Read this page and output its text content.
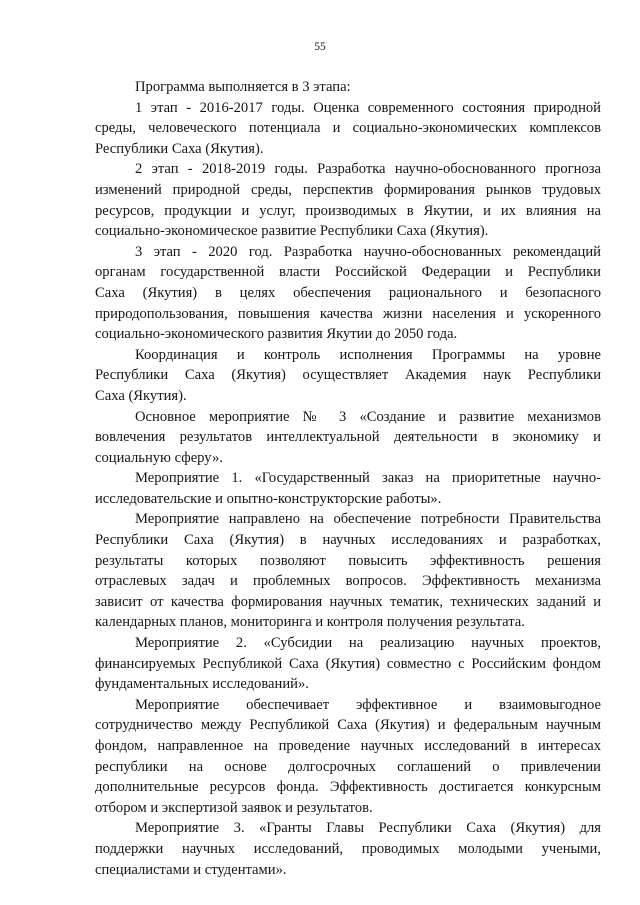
55
Программа выполняется в 3 этапа:
1 этап - 2016-2017 годы. Оценка современного состояния природной
среды, человеческого потенциала и социально-экономических комплексов
Республики Саха (Якутия).
2 этап - 2018-2019 годы. Разработка научно-обоснованного прогноза
изменений природной среды, перспектив формирования рынков трудовых
ресурсов, продукции и услуг, производимых в Якутии, и их влияния на
социально-экономическое развитие Республики Саха (Якутия).
3 этап - 2020 год. Разработка научно-обоснованных рекомендаций
органам государственной власти Российской Федерации и Республики
Саха (Якутия) в целях обеспечения рационального и безопасного
природопользования, повышения качества жизни населения и ускоренного
социально-экономического развития Якутии до 2050 года.
Координация и контроль исполнения Программы на уровне
Республики Саха (Якутия) осуществляет Академия наук Республики
Саха (Якутия).
Основное мероприятие № 3 «Создание и развитие механизмов
вовлечения результатов интеллектуальной деятельности в экономику и
социальную сферу».
Мероприятие 1. «Государственный заказ на приоритетные научно-
исследовательские и опытно-конструкторские работы».
Мероприятие направлено на обеспечение потребности Правительства
Республики Саха (Якутия) в научных исследованиях и разработках,
результаты которых позволяют повысить эффективность решения
отраслевых задач и проблемных вопросов. Эффективность механизма
зависит от качества формирования научных тематик, технических заданий и
календарных планов, мониторинга и контроля получения результата.
Мероприятие 2. «Субсидии на реализацию научных проектов,
финансируемых Республикой Саха (Якутия) совместно с Российским фондом
фундаментальных исследований».
Мероприятие обеспечивает эффективное и взаимовыгодное
сотрудничество между Республикой Саха (Якутия) и федеральным научным
фондом, направленное на проведение научных исследований в интересах
республики на основе долгосрочных соглашений о привлечении
дополнительные ресурсов фонда. Эффективность достигается конкурсным
отбором и экспертизой заявок и результатов.
Мероприятие 3. «Гранты Главы Республики Саха (Якутия) для
поддержки научных исследований, проводимых молодыми учеными,
специалистами и студентами».
